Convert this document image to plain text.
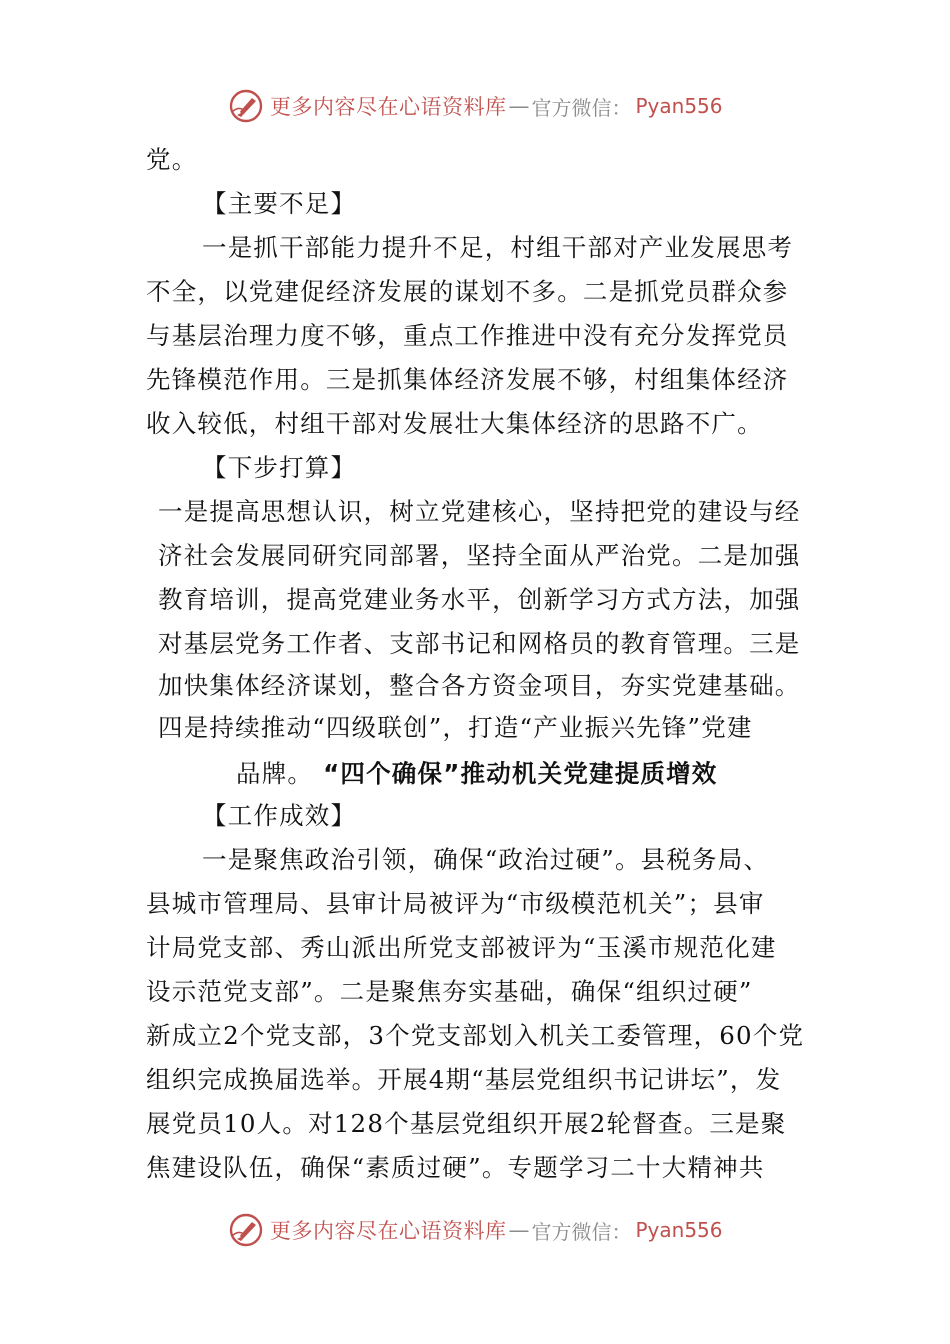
更多内容尽在心语资料库 — 官方微信： Pyan556
党。
【主要不足】
一是抓干部能力提升不足，村组干部对产业发展思考
不全，以党建促经济发展的谋划不多。二是抓党员群众参
与基层治理力度不够，重点工作推进中没有充分发挥党员
先锋模范作用。三是抓集体经济发展不够，村组集体经济
收入较低，村组干部对发展壮大集体经济的思路不广。
【下步打算】
一是提高思想认识，树立党建核心，坚持把党的建设与经
济社会发展同研究同部署，坚持全面从严治党。二是加强
教育培训，提高党建业务水平，创新学习方式方法，加强
对基层党务工作者、支部书记和网格员的教育管理。三是
加快集体经济谋划，整合各方资金项目，夯实党建基础。
四是持续推动“四级联创”，打造“产业振兴先锋”党建
品牌。 “四个确保”推动机关党建提质增效
【工作成效】
一是聚焦政治引领，确保“政治过硬”。县税务局、
县城市管理局、县审计局被评为“市级模范机关”；县审
计局党支部、秀山派出所党支部被评为“玉溪市规范化建
设示范党支部”。二是聚焦夯实基础，确保“组织过硬”
新成立2个党支部，3个党支部划入机关工委管理，60个党
组织完成换届选举。开展4期“基层党组织书记讲坛”，发
展党员10人。对128个基层党组织开展2轮督查。三是聚
焦建设队伍，确保“素质过硬”。专题学习二十大精神共
更多内容尽在心语资料库 — 官方微信： Pyan556
